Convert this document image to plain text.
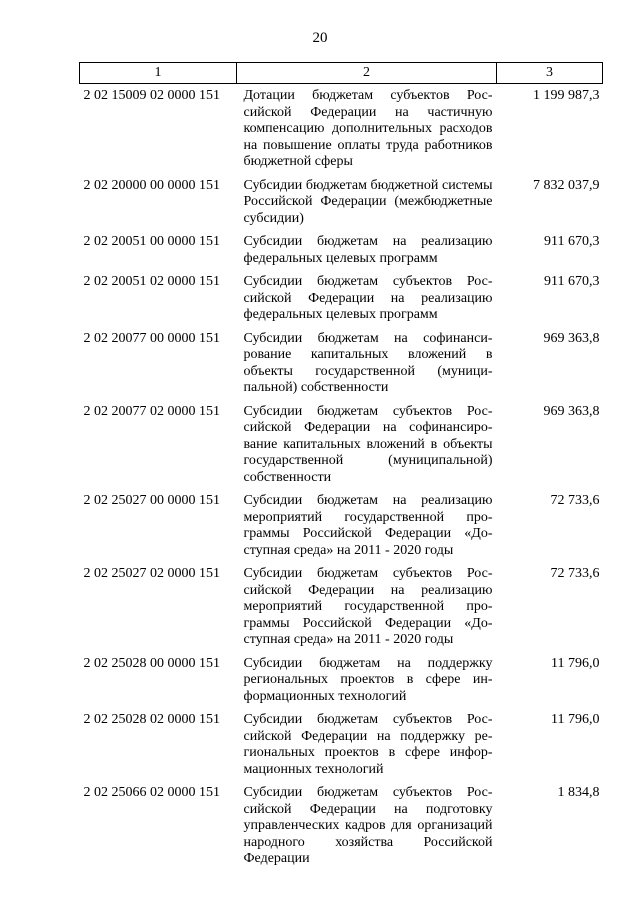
20
1	2	3
2 02 15009 02 0000 151	Дотации бюджетам субъектов Российской Федерации на частичную компенсацию дополнительных расходов на повышение оплаты труда работников бюджетной сферы	1 199 987,3
2 02 20000 00 0000 151	Субсидии бюджетам бюджетной системы Российской Федерации (межбюджетные субсидии)	7 832 037,9
2 02 20051 00 0000 151	Субсидии бюджетам на реализацию федеральных целевых программ	911 670,3
2 02 20051 02 0000 151	Субсидии бюджетам субъектов Российской Федерации на реализацию федеральных целевых программ	911 670,3
2 02 20077 00 0000 151	Субсидии бюджетам на софинансирование капитальных вложений в объекты государственной (муниципальной) собственности	969 363,8
2 02 20077 02 0000 151	Субсидии бюджетам субъектов Российской Федерации на софинансирование капитальных вложений в объекты государственной (муниципальной) собственности	969 363,8
2 02 25027 00 0000 151	Субсидии бюджетам на реализацию мероприятий государственной программы Российской Федерации «Доступная среда» на 2011 - 2020 годы	72 733,6
2 02 25027 02 0000 151	Субсидии бюджетам субъектов Российской Федерации на реализацию мероприятий государственной программы Российской Федерации «Доступная среда» на 2011 - 2020 годы	72 733,6
2 02 25028 00 0000 151	Субсидии бюджетам на поддержку региональных проектов в сфере информационных технологий	11 796,0
2 02 25028 02 0000 151	Субсидии бюджетам субъектов Российской Федерации на поддержку региональных проектов в сфере информационных технологий	11 796,0
2 02 25066 02 0000 151	Субсидии бюджетам субъектов Российской Федерации на подготовку управленческих кадров для организаций народного хозяйства Российской Федерации	1 834,8
